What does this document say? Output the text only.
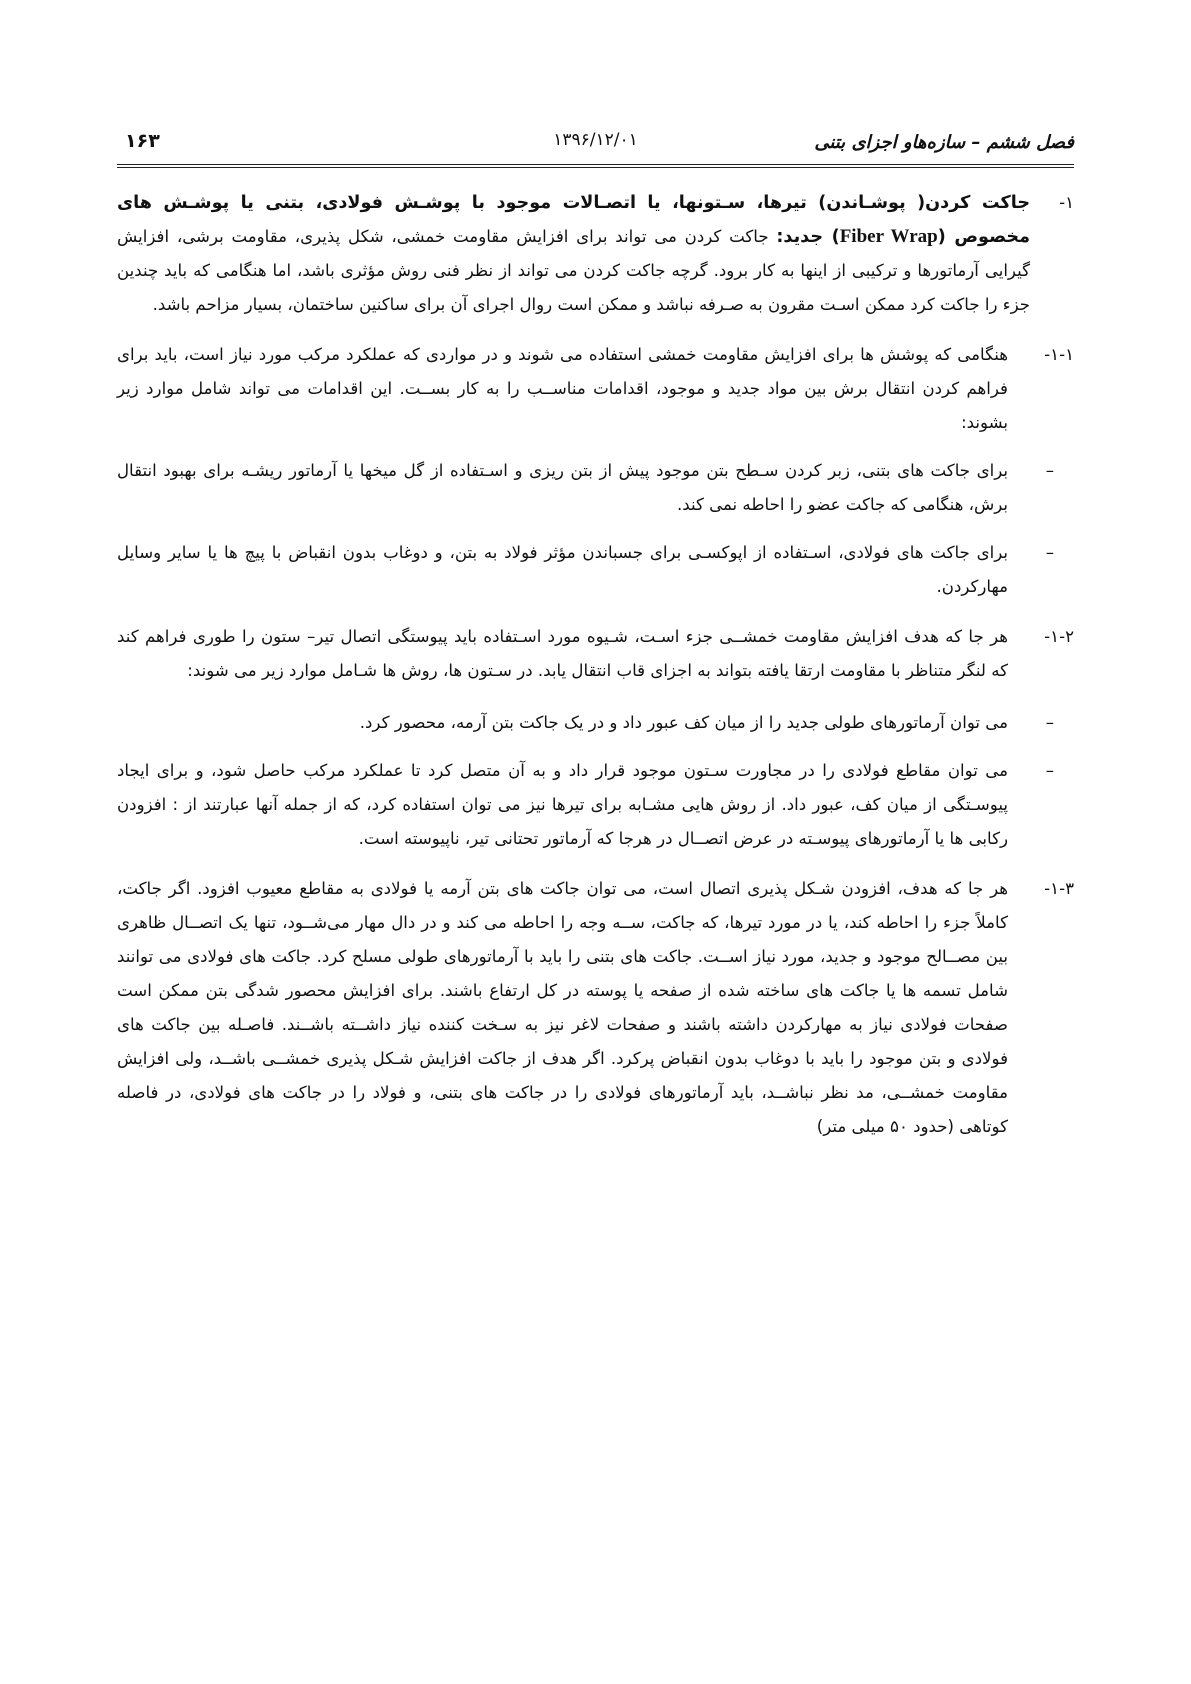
فصل ششم – سازه‌هاو اجزای بتنی
۱۳۹۶/۱۲/۰۱
۱۶۳

۱-
جاکت کردن( پوشـاندن) تیرها، سـتونها، یا اتصـالات موجود با پوشـش فولادی، بتنی یا پوشـش های مخصوص (Fiber Wrap) جدید: جاکت کردن می تواند برای افزایش مقاومت خمشی، شکل پذیری، مقاومت برشی، افزایش گیرایی آرماتورها و ترکیبی از اینها به کار برود. گرچه جاکت کردن می تواند از نظر فنی روش مؤثری باشد، اما هنگامی که باید چندین جزء را جاکت کرد ممکن اسـت مقرون به صـرفه نباشد و ممکن است روال اجرای آن برای ساکنین ساختمان، بسیار مزاحم باشد.

۱-۱-
هنگامی که پوشش ها برای افزایش مقاومت خمشی استفاده می شوند و در مواردی که عملکرد مرکب مورد نیاز است، باید برای فراهم کردن انتقال برش بین مواد جدید و موجود، اقدامات مناســب را به کار بســت. این اقدامات می تواند شامل موارد زیر بشوند:

–
برای جاکت های بتنی، زبر کردن سـطح بتن موجود پیش از بتن ریزی و اسـتفاده از گل میخها یا آرماتور ریشـه برای بهبود انتقال برش، هنگامی که جاکت عضو را احاطه نمی کند.

–
برای جاکت های فولادی، اسـتفاده از اپوکسـی برای جسباندن مؤثر فولاد به بتن، و دوغاب بدون انقباض با پیچ ها یا سایر وسایل مهارکردن.

۱-۲-
هر جا که هدف افزایش مقاومت خمشــی جزء اسـت، شـیوه مورد اسـتفاده باید پیوستگی اتصال تیر– ستون را طوری فراهم کند که لنگر متناظر با مقاومت ارتقا یافته بتواند به اجزای قاب انتقال یابد. در سـتون ها، روش ها شـامل موارد زیر می شوند:

–
می توان آرماتورهای طولی جدید را از میان کف عبور داد و در یک جاکت بتن آرمه، محصور کرد.

–
می توان مقاطع فولادی را در مجاورت سـتون موجود قرار داد و به آن متصل کرد تا عملکرد مرکب حاصل شود، و برای ایجاد پیوسـتگی از میان کف، عبور داد. از روش هایی مشـابه برای تیرها نیز می توان استفاده کرد، که از جمله آنها عبارتند از : افزودن رکابی ها یا آرماتورهای پیوسـته در عرض اتصــال در هرجا که آرماتور تحتانی تیر، ناپیوسته است.

۱-۳-
هر جا که هدف، افزودن شـکل پذیری اتصال است، می توان جاکت های بتن آرمه یا فولادی به مقاطع معیوب افزود. اگر جاکت، کاملاً جزء را احاطه کند، یا در مورد تیرها، که جاکت، ســه وجه را احاطه می کند و در دال مهار می‌شــود، تنها یک اتصــال ظاهری بین مصــالح موجود و جدید، مورد نیاز اســت. جاکت های بتنی را باید با آرماتورهای طولی مسلح کرد. جاکت های فولادی می توانند شامل تسمه ها یا جاکت های ساخته شده از صفحه یا پوسته در کل ارتفاع باشند. برای افزایش محصور شدگی بتن ممکن است صفحات فولادی نیاز به مهارکردن داشته باشند و صفحات لاغر نیز به سـخت کننده نیاز داشــته باشــند. فاصـله بین جاکت های فولادی و بتن موجود را باید با دوغاب بدون انقباض پرکرد. اگر هدف از جاکت افزایش شـکل پذیری خمشــی باشــد، ولی افزایش مقاومت خمشــی، مد نظر نباشــد، باید آرماتورهای فولادی را در جاکت های بتنی، و فولاد را در جاکت های فولادی، در فاصله کوتاهی (حدود ۵۰ میلی متر)
